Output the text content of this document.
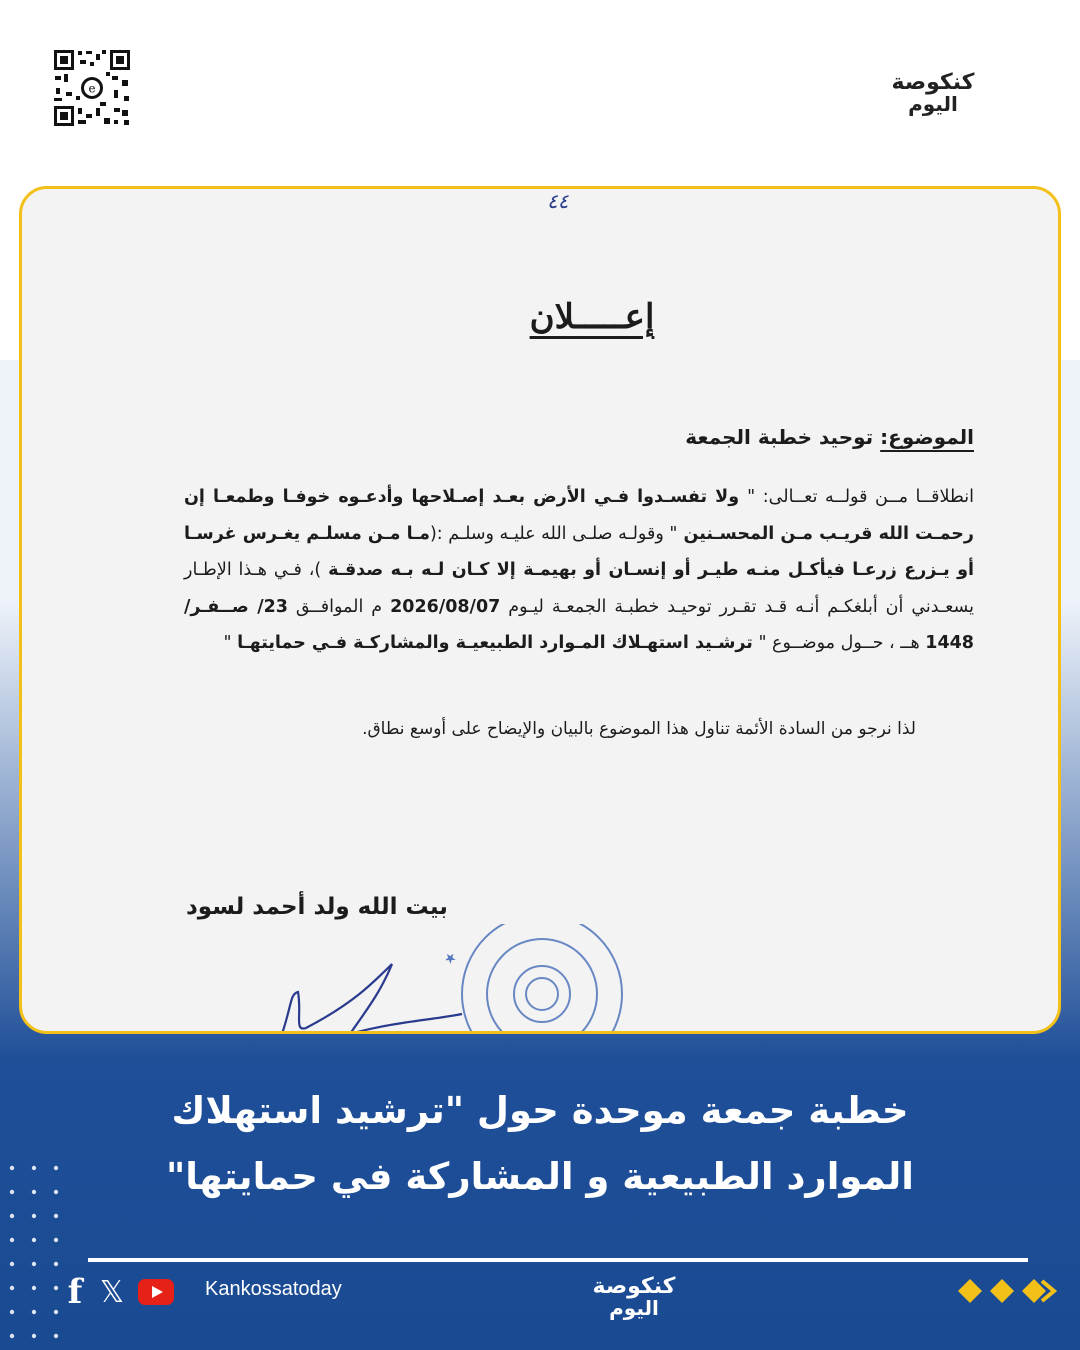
e	كنكوصة
اليوم
٤٤
إعـــــلان
الموضوع: توحيد خطبة الجمعة
انطلاقــا مــن قولــه تعــالى: " ولا تفسـدوا فـي الأرض بعـد إصـلاحها وأدعـوه خوفـا وطمعـا إن رحمـت الله قريـب مـن المحسـنين " وقولـه صلـى الله عليـه وسلـم :(مـا مـن مسلـم يغـرس غرسـا أو يـزرع زرعـا فيأكـل منـه طيـر أو إنسـان أو بهيمـة إلا كـان لـه بـه صدقـة )، فـي هـذا الإطـار يسعـدني أن أبلغكـم أنـه قـد تقـرر توحيـد خطبـة الجمعـة ليـوم 2026/08/07 م الموافــق 23/ صــفـر/ 1448 هــ ، حــول موضــوع " ترشـيد استهـلاك المـوارد الطبيعيـة والمشاركـة فـي حمايتهـا "
لذا نرجو من السادة الأئمة تناول هذا الموضوع بالبيان والإيضاح على أوسع نطاق.
بيت الله ولد أحمد لسود
★
خطبة جمعة موحدة حول "ترشيد استهلاك
الموارد الطبيعية و المشاركة في حمايتها"
f 𝕏	Kankossatoday	كنكوصة
اليوم
